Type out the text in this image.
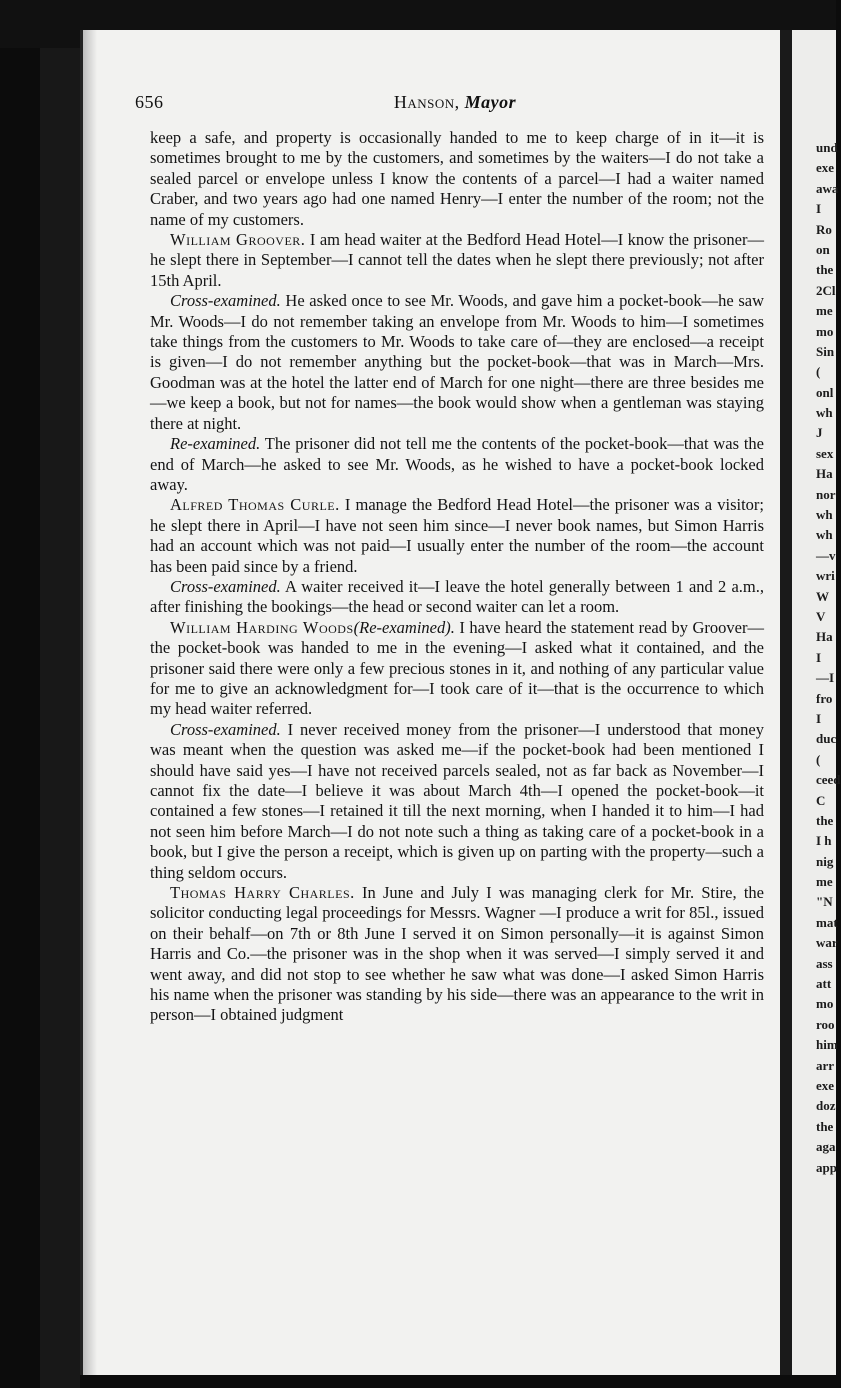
656	Hanson, Mayor

keep a safe, and property is occasionally handed to me to keep charge of in it—it is sometimes brought to me by the customers, and sometimes by the waiters—I do not take a sealed parcel or envelope unless I know the contents of a parcel—I had a waiter named Craber, and two years ago had one named Henry—I enter the number of the room; not the name of my customers.

William Groover. I am head waiter at the Bedford Head Hotel—I know the prisoner—he slept there in September—I cannot tell the dates when he slept there previously; not after 15th April.

Cross-examined. He asked once to see Mr. Woods, and gave him a pocket-book—he saw Mr. Woods—I do not remember taking an envelope from Mr. Woods to him—I sometimes take things from the customers to Mr. Woods to take care of—they are enclosed—a receipt is given—I do not remember anything but the pocket-book—that was in March—Mrs. Goodman was at the hotel the latter end of March for one night—there are three besides me—we keep a book, but not for names—the book would show when a gentleman was staying there at night.

Re-examined. The prisoner did not tell me the contents of the pocket-book—that was the end of March—he asked to see Mr. Woods, as he wished to have a pocket-book locked away.

Alfred Thomas Curle. I manage the Bedford Head Hotel—the prisoner was a visitor; he slept there in April—I have not seen him since—I never book names, but Simon Harris had an account which was not paid—I usually enter the number of the room—the account has been paid since by a friend.

Cross-examined. A waiter received it—I leave the hotel generally between 1 and 2 a.m., after finishing the bookings—the head or second waiter can let a room.

William Harding Woods(Re-examined). I have heard the statement read by Groover—the pocket-book was handed to me in the evening—I asked what it contained, and the prisoner said there were only a few precious stones in it, and nothing of any particular value for me to give an acknowledgment for—I took care of it—that is the occurrence to which my head waiter referred.

Cross-examined. I never received money from the prisoner—I understood that money was meant when the question was asked me—if the pocket-book had been mentioned I should have said yes—I have not received parcels sealed, not as far back as November—I cannot fix the date—I believe it was about March 4th—I opened the pocket-book—it contained a few stones—I retained it till the next morning, when I handed it to him—I had not seen him before March—I do not note such a thing as taking care of a pocket-book in a book, but I give the person a receipt, which is given up on parting with the property—such a thing seldom occurs.

Thomas Harry Charles. In June and July I was managing clerk for Mr. Stire, the solicitor conducting legal proceedings for Messrs. Wagner —I produce a writ for 85l., issued on their behalf—on 7th or 8th June I served it on Simon personally—it is against Simon Harris and Co.—the prisoner was in the shop when it was served—I simply served it and went away, and did not stop to see whether he saw what was done—I asked Simon Harris his name when the prisoner was standing by his side—there was an appearance to the writ in person—I obtained judgment

und
exe
awa
I
Ro
on
the
2Cl
me
mo
Sin
(
onl
wh
J
sex
Ha
nor
wh
wh
—v
wri
W
V
Ha
I
—I
fro
I
duc
(
ceed
C
the
I h
nig
me
"N
mat
war
ass
att
mo
roo
him
arr
exe
doz
the
aga
app
